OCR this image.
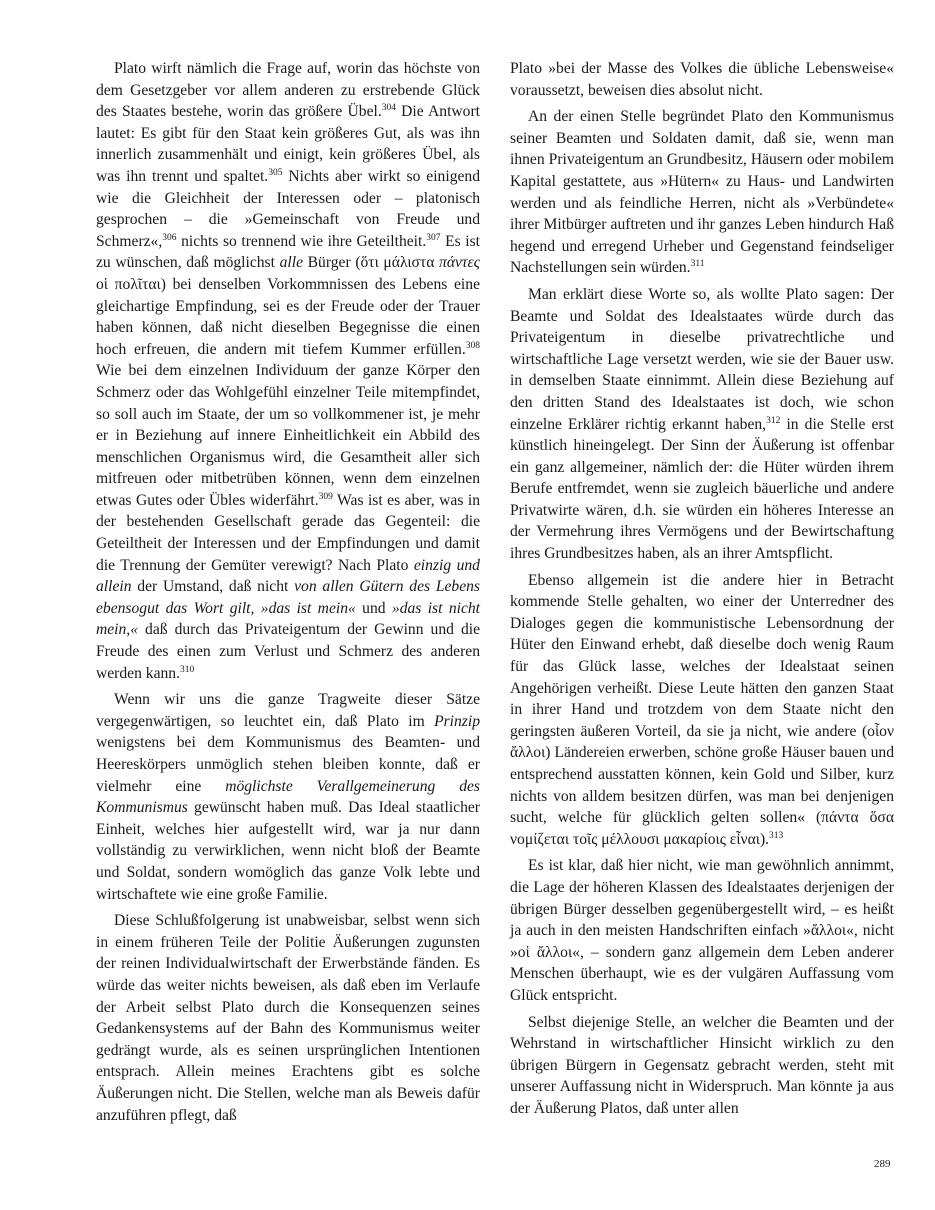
Plato wirft nämlich die Frage auf, worin das höchste von dem Gesetzgeber vor allem anderen zu erstrebende Glück des Staates bestehe, worin das größere Übel.$^{304}$ Die Antwort lautet: Es gibt für den Staat kein größeres Gut, als was ihn innerlich zusammenhält und einigt, kein größeres Übel, als was ihn trennt und spaltet.$^{305}$ Nichts aber wirkt so einigend wie die Gleichheit der Interessen oder – platonisch gesprochen – die »Gemeinschaft von Freude und Schmerz«,$^{306}$ nichts so trennend wie ihre Geteiltheit.$^{307}$ Es ist zu wünschen, daß möglichst alle Bürger (ὅτι μάλιστα πάντες οἱ πολῖται) bei denselben Vorkommnissen des Lebens eine gleichartige Empfindung, sei es der Freude oder der Trauer haben können, daß nicht dieselben Begegnisse die einen hoch erfreuen, die andern mit tiefem Kummer erfüllen.$^{308}$ Wie bei dem einzelnen Individuum der ganze Körper den Schmerz oder das Wohlgefühl einzelner Teile mitempfindet, so soll auch im Staate, der um so vollkommener ist, je mehr er in Beziehung auf innere Einheitlichkeit ein Abbild des menschlichen Organismus wird, die Gesamtheit aller sich mitfreuen oder mitbetrüben können, wenn dem einzelnen etwas Gutes oder Übles widerfährt.$^{309}$ Was ist es aber, was in der bestehenden Gesellschaft gerade das Gegenteil: die Geteiltheit der Interessen und der Empfindungen und damit die Trennung der Gemüter verewigt? Nach Plato einzig und allein der Umstand, daß nicht von allen Gütern des Lebens ebensogut das Wort gilt, »das ist mein« und »das ist nicht mein,« daß durch das Privateigentum der Gewinn und die Freude des einen zum Verlust und Schmerz des anderen werden kann.$^{310}$

Wenn wir uns die ganze Tragweite dieser Sätze vergegenwärtigen, so leuchtet ein, daß Plato im Prinzip wenigstens bei dem Kommunismus des Beamten- und Heereskörpers unmöglich stehen bleiben konnte, daß er vielmehr eine möglichste Verallgemeinerung des Kommunismus gewünscht haben muß. Das Ideal staatlicher Einheit, welches hier aufgestellt wird, war ja nur dann vollständig zu verwirklichen, wenn nicht bloß der Beamte und Soldat, sondern womöglich das ganze Volk lebte und wirtschaftete wie eine große Familie.

Diese Schlußfolgerung ist unabweisbar, selbst wenn sich in einem früheren Teile der Politie Äußerungen zugunsten der reinen Individualwirtschaft der Erwerbstände fänden. Es würde das weiter nichts beweisen, als daß eben im Verlaufe der Arbeit selbst Plato durch die Konsequenzen seines Gedankensystems auf der Bahn des Kommunismus weiter gedrängt wurde, als es seinen ursprünglichen Intentionen entsprach. Allein meines Erachtens gibt es solche Äußerungen nicht. Die Stellen, welche man als Beweis dafür anzuführen pflegt, daß

Plato »bei der Masse des Volkes die übliche Lebensweise« voraussetzt, beweisen dies absolut nicht.

An der einen Stelle begründet Plato den Kommunismus seiner Beamten und Soldaten damit, daß sie, wenn man ihnen Privateigentum an Grundbesitz, Häusern oder mobilem Kapital gestattete, aus »Hütern« zu Haus- und Landwirten werden und als feindliche Herren, nicht als »Verbündete« ihrer Mitbürger auftreten und ihr ganzes Leben hindurch Haß hegend und erregend Urheber und Gegenstand feindseliger Nachstellungen sein würden.$^{311}$

Man erklärt diese Worte so, als wollte Plato sagen: Der Beamte und Soldat des Idealstaates würde durch das Privateigentum in dieselbe privatrechtliche und wirtschaftliche Lage versetzt werden, wie sie der Bauer usw. in demselben Staate einnimmt. Allein diese Beziehung auf den dritten Stand des Idealstaates ist doch, wie schon einzelne Erklärer richtig erkannt haben,$^{312}$ in die Stelle erst künstlich hineingelegt. Der Sinn der Äußerung ist offenbar ein ganz allgemeiner, nämlich der: die Hüter würden ihrem Berufe entfremdet, wenn sie zugleich bäuerliche und andere Privatwirte wären, d.h. sie würden ein höheres Interesse an der Vermehrung ihres Vermögens und der Bewirtschaftung ihres Grundbesitzes haben, als an ihrer Amtspflicht.

Ebenso allgemein ist die andere hier in Betracht kommende Stelle gehalten, wo einer der Unterredner des Dialoges gegen die kommunistische Lebensordnung der Hüter den Einwand erhebt, daß dieselbe doch wenig Raum für das Glück lasse, welches der Idealstaat seinen Angehörigen verheißt. Diese Leute hätten den ganzen Staat in ihrer Hand und trotzdem von dem Staate nicht den geringsten äußeren Vorteil, da sie ja nicht, wie andere (οἷον ἄλλοι) Ländereien erwerben, schöne große Häuser bauen und entsprechend ausstatten können, kein Gold und Silber, kurz nichts von alldem besitzen dürfen, was man bei denjenigen sucht, welche für glücklich gelten sollen« (πάντα ὅσα νομίζεται τοῖς μέλλουσι μακαρίοις εἶναι).$^{313}$

Es ist klar, daß hier nicht, wie man gewöhnlich annimmt, die Lage der höheren Klassen des Idealstaates derjenigen der übrigen Bürger desselben gegenübergestellt wird, – es heißt ja auch in den meisten Handschriften einfach »ἄλλοι«, nicht »οἱ ἄλλοι«, – sondern ganz allgemein dem Leben anderer Menschen überhaupt, wie es der vulgären Auffassung vom Glück entspricht.

Selbst diejenige Stelle, an welcher die Beamten und der Wehrstand in wirtschaftlicher Hinsicht wirklich zu den übrigen Bürgern in Gegensatz gebracht werden, steht mit unserer Auffassung nicht in Widerspruch. Man könnte ja aus der Äußerung Platos, daß unter allen

289
